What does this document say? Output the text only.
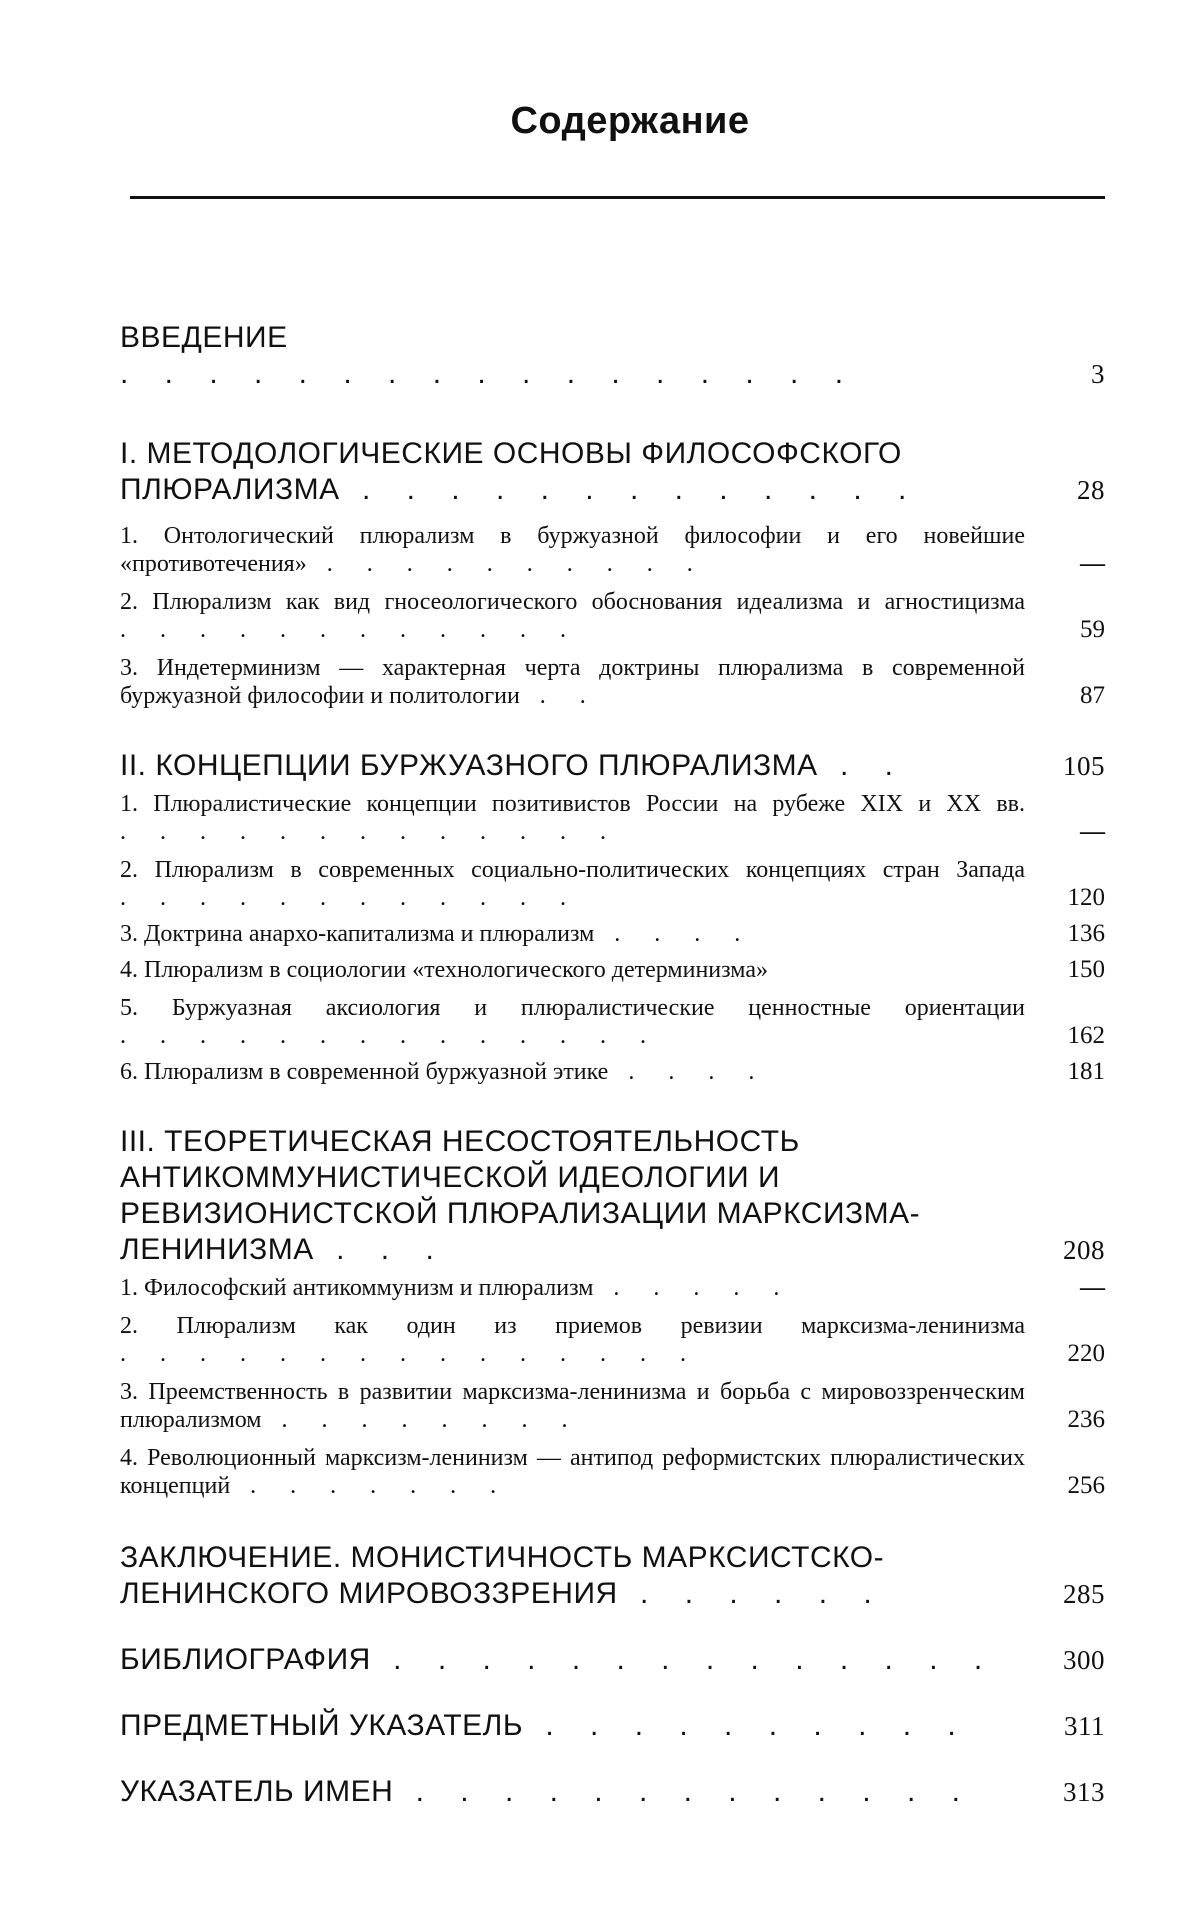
Содержание
ВВЕДЕНИЕ . . . . . . . . . . . . . . . . .	3
I. МЕТОДОЛОГИЧЕСКИЕ ОСНОВЫ ФИЛОСОФСКОГО ПЛЮРАЛИЗМА . . . . . . . . . . . . .	28
1. Онтологический плюрализм в буржуазной философии и его новейшие «противотечения» . . . . . . . . . .	—
2. Плюрализм как вид гносеологического обоснования идеализма и агностицизма . . . . . . . . . . . .	59
3. Индетерминизм — характерная черта доктрины плюрализма в современной буржуазной философии и политологии . .	87
II. КОНЦЕПЦИИ БУРЖУАЗНОГО ПЛЮРАЛИЗМА . .	105
1. Плюралистические концепции позитивистов России на рубеже XIX и XX вв. . . . . . . . . . . . . .	—
2. Плюрализм в современных социально-политических концепциях стран Запада . . . . . . . . . . . .	120
3. Доктрина анархо-капитализма и плюрализм . . . .	136
4. Плюрализм в социологии «технологического детерминизма»	150
5. Буржуазная аксиология и плюралистические ценностные ориентации . . . . . . . . . . . . . .	162
6. Плюрализм в современной буржуазной этике . . . .	181
III. ТЕОРЕТИЧЕСКАЯ НЕСОСТОЯТЕЛЬНОСТЬ АНТИКОММУНИСТИЧЕСКОЙ ИДЕОЛОГИИ И РЕВИЗИОНИСТСКОЙ ПЛЮРАЛИЗАЦИИ МАРКСИЗМА-ЛЕНИНИЗМА . . .	208
1. Философский антикоммунизм и плюрализм . . . . .	—
2. Плюрализм как один из приемов ревизии марксизма-ленинизма . . . . . . . . . . . . . . .	220
3. Преемственность в развитии марксизма-ленинизма и борьба с мировоззренческим плюрализмом . . . . . . . .	236
4. Революционный марксизм-ленинизм — антипод реформистских плюралистических концепций . . . . . . .	256
ЗАКЛЮЧЕНИЕ. МОНИСТИЧНОСТЬ МАРКСИСТСКО-ЛЕНИНСКОГО МИРОВОЗЗРЕНИЯ . . . . . .	285
БИБЛИОГРАФИЯ . . . . . . . . . . . . . .	300
ПРЕДМЕТНЫЙ УКАЗАТЕЛЬ . . . . . . . . . .	311
УКАЗАТЕЛЬ ИМЕН . . . . . . . . . . . . .	313
